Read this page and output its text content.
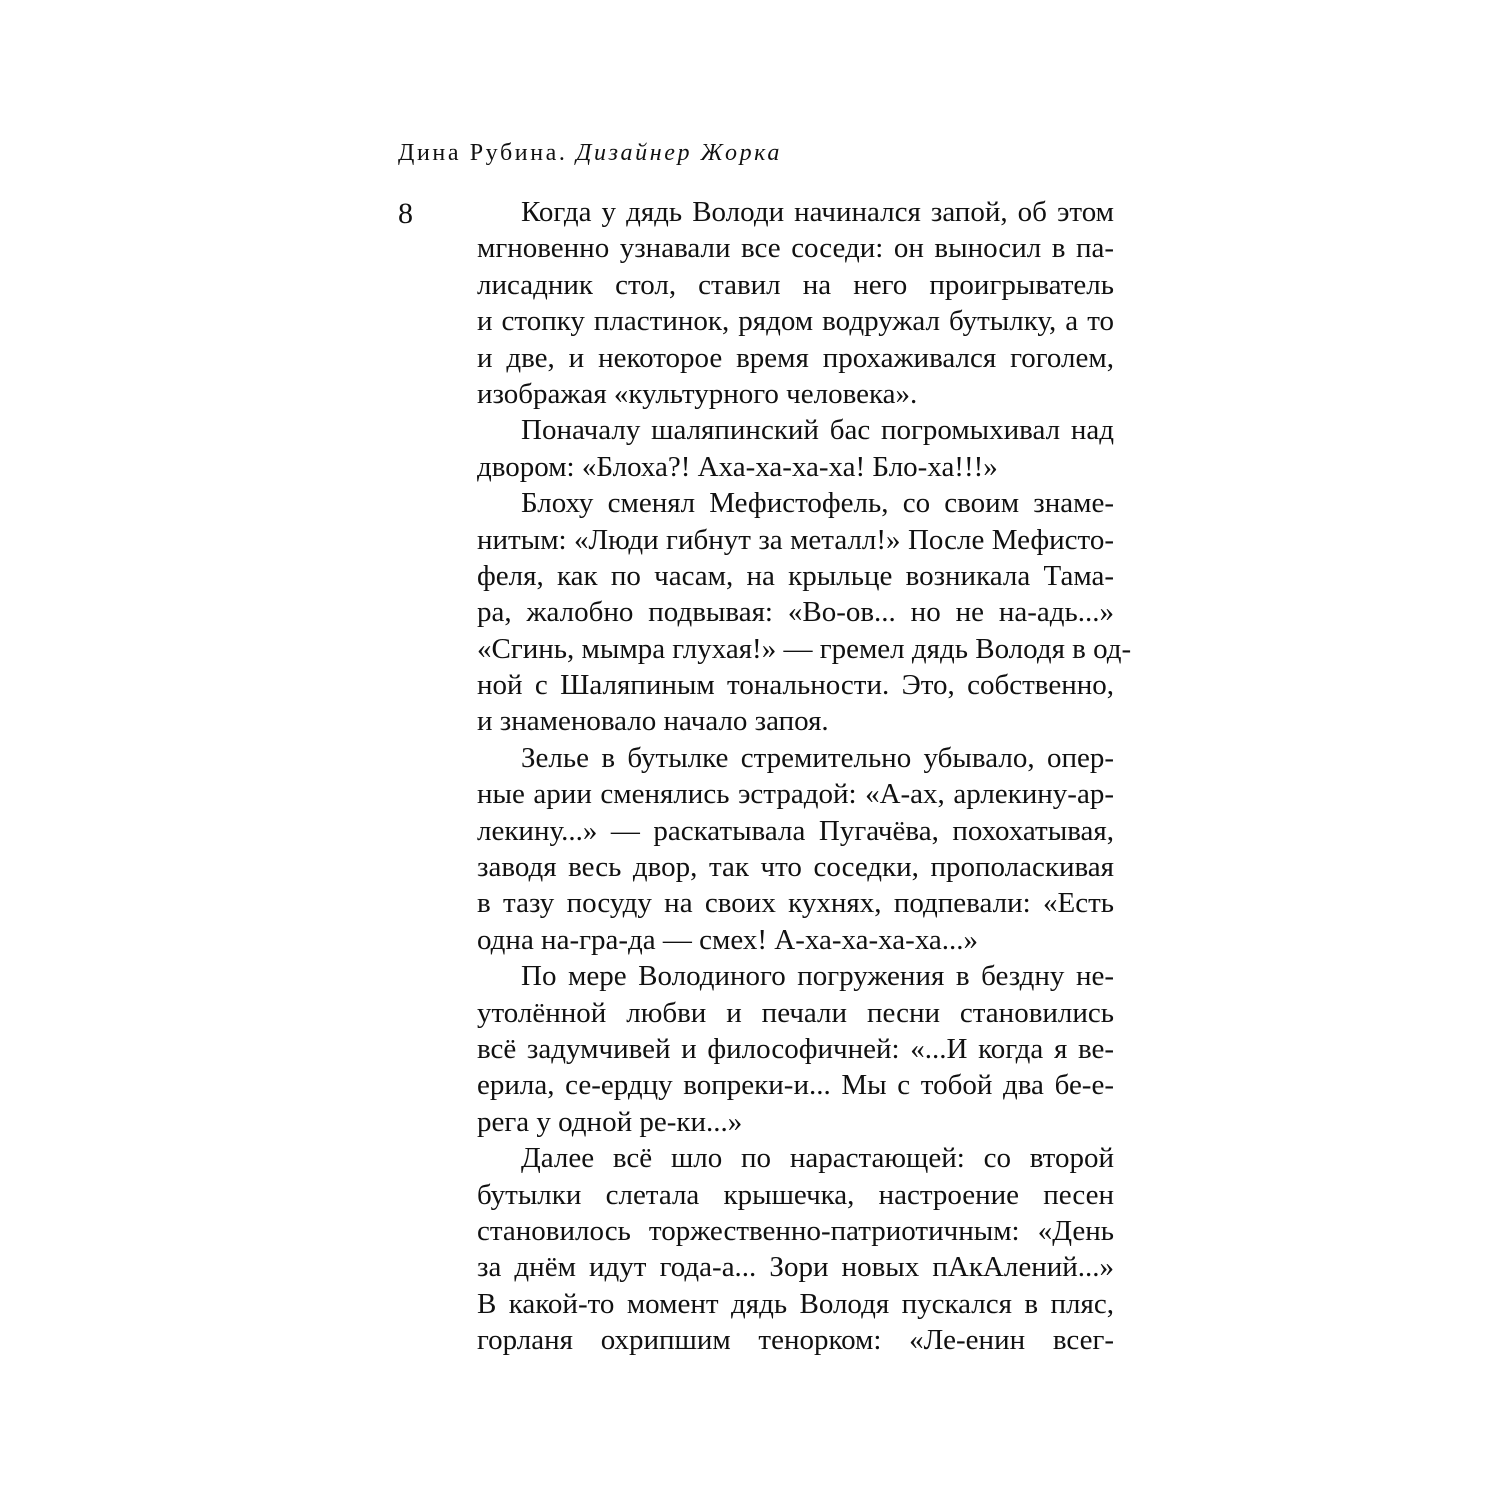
Дина Рубина. Дизайнер Жорка
8	Когда у дядь Володи начинался запой, об этом
мгновенно узнавали все соседи: он выносил в па-
лисадник стол, ставил на него проигрыватель
и стопку пластинок, рядом водружал бутылку, а то
и две, и некоторое время прохаживался гоголем,
изображая «культурного человека».

Поначалу шаляпинский бас погромыхивал над
двором: «Блоха?! Аха-ха-ха-ха! Бло-ха!!!»

Блоху сменял Мефистофель, со своим знаме-
нитым: «Люди гибнут за металл!» После Мефисто-
феля, как по часам, на крыльце возникала Тама-
ра, жалобно подвывая: «Во-ов... но не на-адь...»
«Сгинь, мымра глухая!» — гремел дядь Володя в од-
ной с Шаляпиным тональности. Это, собственно,
и знаменовало начало запоя.

Зелье в бутылке стремительно убывало, опер-
ные арии сменялись эстрадой: «А-ах, арлекину-ар-
лекину...» — раскатывала Пугачёва, похохатывая,
заводя весь двор, так что соседки, прополаскивая
в тазу посуду на своих кухнях, подпевали: «Есть
одна на-гра-да — смех! А-ха-ха-ха-ха...»

По мере Володиного погружения в бездну не-
утолённой любви и печали песни становились
всё задумчивей и философичней: «...И когда я ве-
ерила, се-ердцу вопреки-и... Мы с тобой два бе-е-
рега у одной ре-ки...»

Далее всё шло по нарастающей: со второй
бутылки слетала крышечка, настроение песен
становилось торжественно-патриотичным: «День
за днём идут года-а... Зори новых пАкАлений...»
В какой-то момент дядь Володя пускался в пляс,
горланя охрипшим тенорком: «Ле-енин всег-
